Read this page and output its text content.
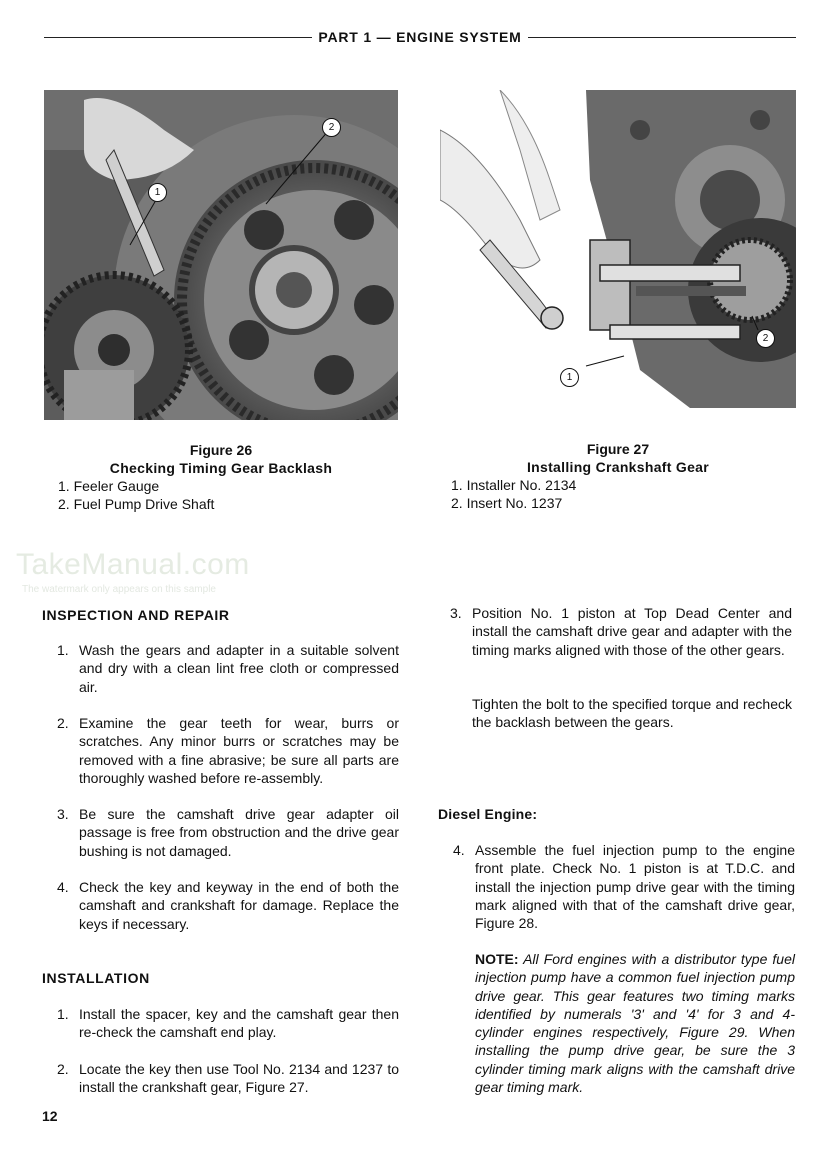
PART 1 — ENGINE SYSTEM
1
2
1
2
Figure 26
Checking Timing Gear Backlash
1. Feeler Gauge
2. Fuel Pump Drive Shaft
Figure 27
Installing Crankshaft Gear
1. Installer No. 2134
2. Insert No. 1237
TakeManual.com
The watermark only appears on this sample
INSPECTION AND REPAIR
1. Wash the gears and adapter in a suitable solvent and dry with a clean lint free cloth or compressed air.
2. Examine the gear teeth for wear, burrs or scratches. Any minor burrs or scratches may be removed with a fine abrasive; be sure all parts are thoroughly washed before re-assembly.
3. Be sure the camshaft drive gear adapter oil passage is free from obstruction and the drive gear bushing is not damaged.
4. Check the key and keyway in the end of both the camshaft and crankshaft for damage. Replace the keys if necessary.
INSTALLATION
1. Install the spacer, key and the camshaft gear then re-check the camshaft end play.
2. Locate the key then use Tool No. 2134 and 1237 to install the crankshaft gear, Figure 27.
3. Position No. 1 piston at Top Dead Center and install the camshaft drive gear and adapter with the timing marks aligned with those of the other gears.
Tighten the bolt to the specified torque and recheck the backlash between the gears.
Diesel Engine:
4. Assemble the fuel injection pump to the engine front plate. Check No. 1 piston is at T.D.C. and install the injection pump drive gear with the timing mark aligned with that of the camshaft drive gear, Figure 28.
NOTE: All Ford engines with a distributor type fuel injection pump have a common fuel injection pump drive gear. This gear features two timing marks identified by numerals '3' and '4' for 3 and 4-cylinder engines respectively, Figure 29. When installing the pump drive gear, be sure the 3 cylinder timing mark aligns with the camshaft drive gear timing mark.
12
